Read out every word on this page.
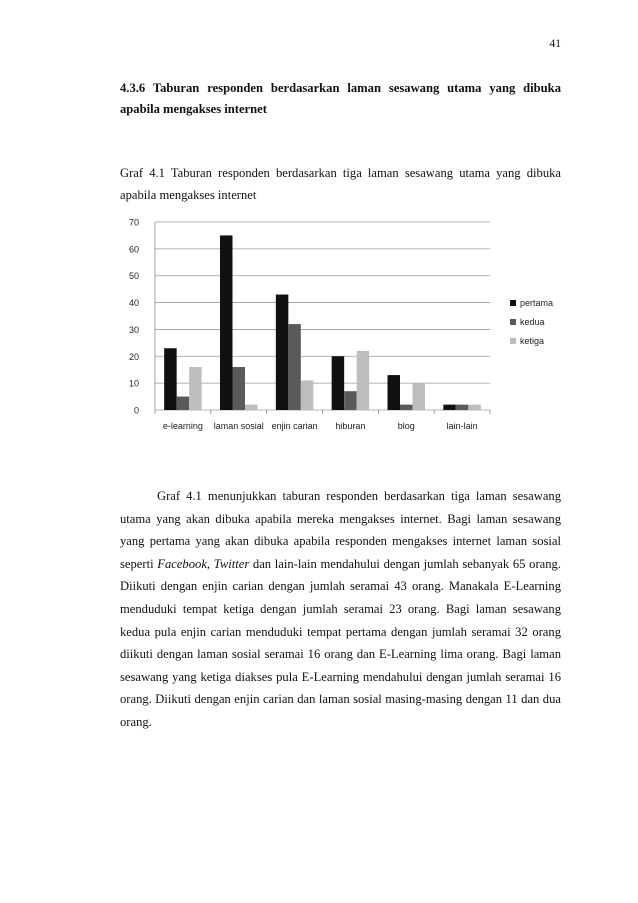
41

4.3.6 Taburan responden berdasarkan laman sesawang utama yang dibuka apabila mengakses internet

Graf 4.1 Taburan responden berdasarkan tiga laman sesawang utama yang dibuka apabila mengakses internet

0
10
20
30
40
50
60
70
e-learning laman sosial enjin carian hiburan	blog	lain-lain
pertama
kedua
ketiga

Graf 4.1 menunjukkan taburan responden berdasarkan tiga laman sesawang utama yang akan dibuka apabila mereka mengakses internet. Bagi laman sesawang yang pertama yang akan dibuka apabila responden mengakses internet laman sosial seperti Facebook, Twitter dan lain-lain mendahului dengan jumlah sebanyak 65 orang. Diikuti dengan enjin carian dengan jumlah seramai 43 orang. Manakala E-Learning menduduki tempat ketiga dengan jumlah seramai 23 orang. Bagi laman sesawang kedua pula enjin carian menduduki tempat pertama dengan jumlah seramai 32 orang diikuti dengan laman sosial seramai 16 orang dan E-Learning lima orang. Bagi laman sesawang yang ketiga diakses pula E-Learning mendahului dengan jumlah seramai 16 orang. Diikuti dengan enjin carian dan laman sosial masing-masing dengan 11 dan dua orang.
